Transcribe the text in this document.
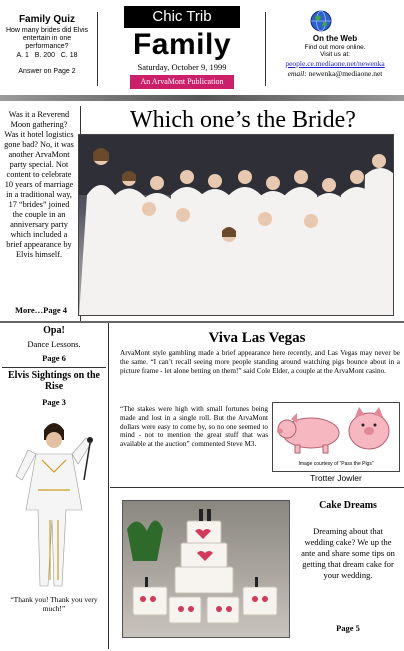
Family Quiz
How many brides did Elvis entertain in one performance?
A. 1   B. 200   C. 18
Answer on Page 2
Chic Trib
Family
Saturday, October 9, 1999
An ArvaMont Publication
On the Web
Find out more online.
Visit us at:
people.ce.mediaone.net/newenka
email: newenka@mediaone.net
Was it a Reverend Moon gathering? Was it hotel logistics gone bad? No, it was another ArvaMont party special. Not content to celebrate 10 years of marriage in a traditional way, 17 “brides” joined the couple in an anniversary party which included a brief appearance by Elvis himself.
More…Page 4
Which one’s the Bride?
Opa!
Dance Lessons.
Page 6
Elvis Sightings on the Rise
Page 3
“Thank you! Thank you very much!”
Viva Las Vegas
ArvaMont style gambling made a brief appearance here recently, and Las Vegas may never be the same. “I can’t recall seeing more people standing around watching pigs bounce about in a picture frame - let alone betting on them!” said Cole Elder, a couple at the ArvaMont casino.
“The stakes were high with small fortunes being made and lost in a single roll. But the ArvaMont dollars were easy to come by, so no one seemed to mind - not to mention the great stuff that was available at the auction” commented Steve M3.
Image courtesy of “Pass the Pigs”
Trotter Jowler
Cake Dreams
Dreaming about that wedding cake? We up the ante and share some tips on getting that dream cake for your wedding.
Page 5
